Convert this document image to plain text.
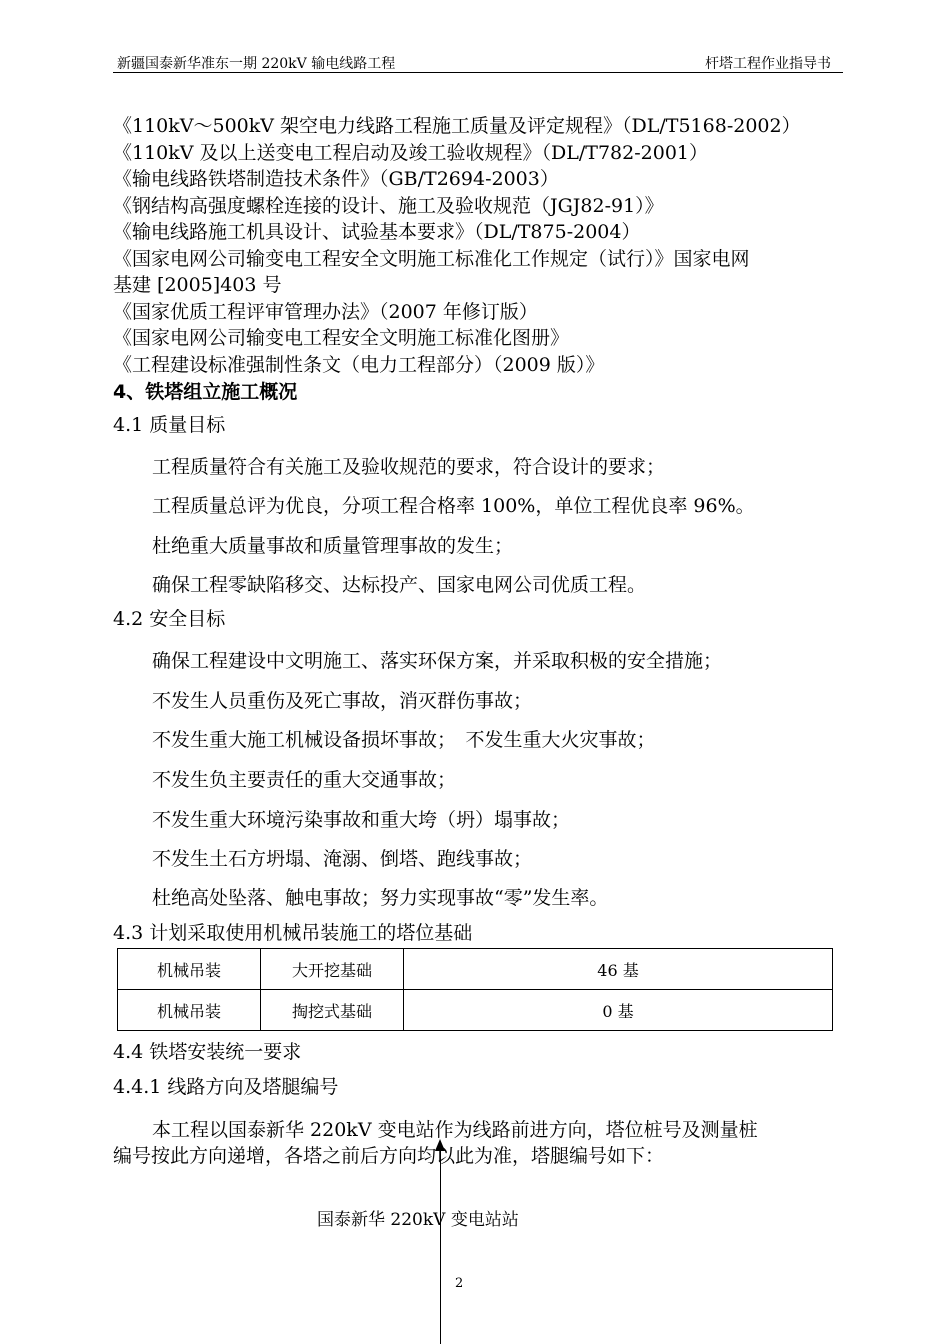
新疆国泰新华准东一期 220kV 输电线路工程	杆塔工程作业指导书
《110kV～500kV 架空电力线路工程施工质量及评定规程》（DL/T5168-2002）
《110kV 及以上送变电工程启动及竣工验收规程》（DL/T782-2001）
《输电线路铁塔制造技术条件》（GB/T2694-2003）
《钢结构高强度螺栓连接的设计、施工及验收规范（JGJ82-91）》
《输电线路施工机具设计、试验基本要求》（DL/T875-2004）
《国家电网公司输变电工程安全文明施工标准化工作规定（试行）》国家电网
基建 [2005]403 号
《国家优质工程评审管理办法》（2007 年修订版）
《国家电网公司输变电工程安全文明施工标准化图册》
《工程建设标准强制性条文（电力工程部分）（2009 版）》
4、铁塔组立施工概况
4.1 质量目标
工程质量符合有关施工及验收规范的要求，符合设计的要求；
工程质量总评为优良，分项工程合格率 100%，单位工程优良率 96%。
杜绝重大质量事故和质量管理事故的发生；
确保工程零缺陷移交、达标投产、国家电网公司优质工程。
4.2 安全目标
确保工程建设中文明施工、落实环保方案，并采取积极的安全措施；
不发生人员重伤及死亡事故，消灭群伤事故；
不发生重大施工机械设备损坏事故；　不发生重大火灾事故；
不发生负主要责任的重大交通事故；
不发生重大环境污染事故和重大垮（坍）塌事故；
不发生土石方坍塌、淹溺、倒塔、跑线事故；
杜绝高处坠落、触电事故；努力实现事故“零”发生率。
4.3 计划采取使用机械吊装施工的塔位基础
机械吊装	大开挖基础	46 基
机械吊装	掏挖式基础	0 基
4.4 铁塔安装统一要求
4.4.1 线路方向及塔腿编号
本工程以国泰新华 220kV 变电站作为线路前进方向，塔位桩号及测量桩
编号按此方向递增，各塔之前后方向均以此为准，塔腿编号如下：
国泰新华 220kV 变电站站
2
